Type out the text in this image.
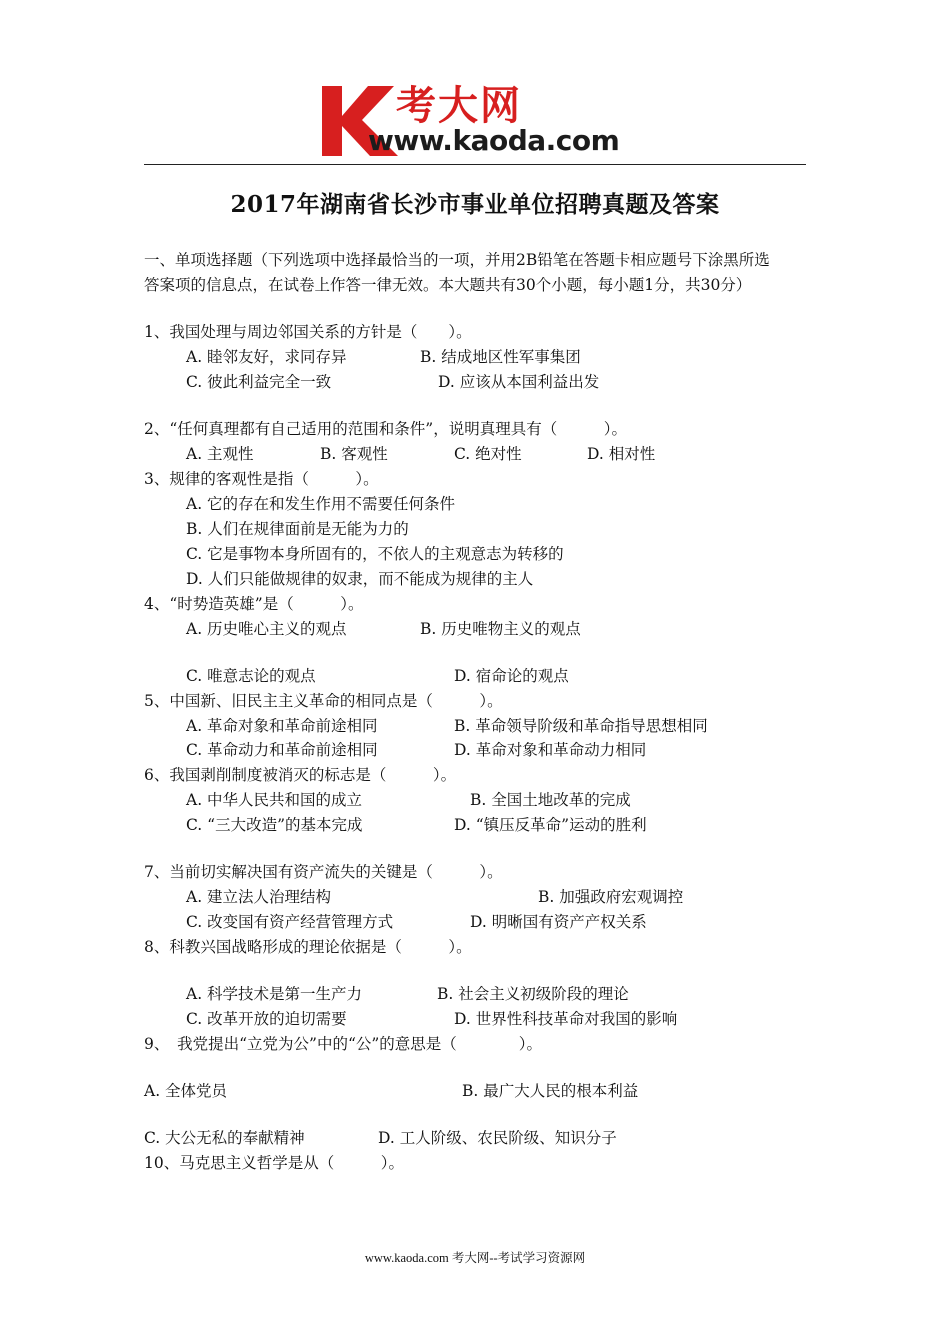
考大网
www.kaoda.com
2017年湖南省长沙市事业单位招聘真题及答案
一、单项选择题（下列选项中选择最恰当的一项，并用2B铅笔在答题卡相应题号下涂黑所选
答案项的信息点，在试卷上作答一律无效。本大题共有30个小题，每小题1分，共30分）
1、我国处理与周边邻国关系的方针是（　　）。
A. 睦邻友好，求同存异	B. 结成地区性军事集团
C. 彼此利益完全一致	D. 应该从本国利益出发
2、“任何真理都有自己适用的范围和条件”，说明真理具有（　　　）。
A. 主观性	B. 客观性	C. 绝对性	D. 相对性
3、规律的客观性是指（　　　）。
A. 它的存在和发生作用不需要任何条件
B. 人们在规律面前是无能为力的
C. 它是事物本身所固有的，不依人的主观意志为转移的
D. 人们只能做规律的奴隶，而不能成为规律的主人
4、“时势造英雄”是（　　　）。
A. 历史唯心主义的观点	B. 历史唯物主义的观点
C. 唯意志论的观点	D. 宿命论的观点
5、中国新、旧民主主义革命的相同点是（　　　）。
A. 革命对象和革命前途相同	B. 革命领导阶级和革命指导思想相同
C. 革命动力和革命前途相同	D. 革命对象和革命动力相同
6、我国剥削制度被消灭的标志是（　　　）。
A. 中华人民共和国的成立	B. 全国土地改革的完成
C. “三大改造”的基本完成	D. “镇压反革命”运动的胜利
7、当前切实解决国有资产流失的关键是（　　　）。
A. 建立法人治理结构	B. 加强政府宏观调控
C. 改变国有资产经营管理方式	D. 明晰国有资产产权关系
8、科教兴国战略形成的理论依据是（　　　）。
A. 科学技术是第一生产力	B. 社会主义初级阶段的理论
C. 改革开放的迫切需要	D. 世界性科技革命对我国的影响
9、　我党提出“立党为公”中的“公”的意思是（　　　　）。
A. 全体党员	B. 最广大人民的根本利益
C. 大公无私的奉献精神	D. 工人阶级、农民阶级、知识分子
10、马克思主义哲学是从（　　　）。
www.kaoda.com 考大网--考试学习资源网
